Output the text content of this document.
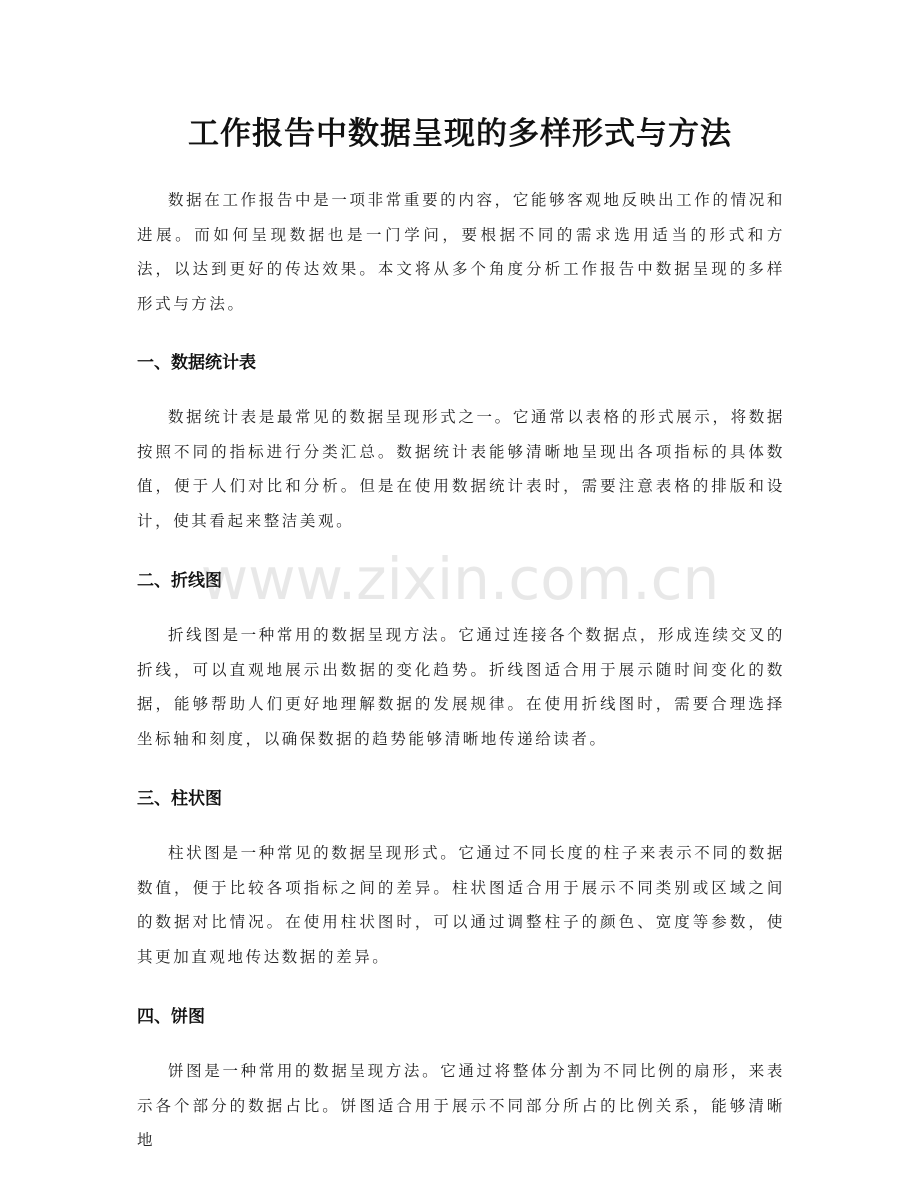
工作报告中数据呈现的多样形式与方法

数据在工作报告中是一项非常重要的内容，它能够客观地反映出工作的情况和进展。而如何呈现数据也是一门学问，要根据不同的需求选用适当的形式和方法，以达到更好的传达效果。本文将从多个角度分析工作报告中数据呈现的多样形式与方法。

一、数据统计表

数据统计表是最常见的数据呈现形式之一。它通常以表格的形式展示，将数据按照不同的指标进行分类汇总。数据统计表能够清晰地呈现出各项指标的具体数值，便于人们对比和分析。但是在使用数据统计表时，需要注意表格的排版和设计，使其看起来整洁美观。

二、折线图

折线图是一种常用的数据呈现方法。它通过连接各个数据点，形成连续交叉的折线，可以直观地展示出数据的变化趋势。折线图适合用于展示随时间变化的数据，能够帮助人们更好地理解数据的发展规律。在使用折线图时，需要合理选择坐标轴和刻度，以确保数据的趋势能够清晰地传递给读者。

三、柱状图

柱状图是一种常见的数据呈现形式。它通过不同长度的柱子来表示不同的数据数值，便于比较各项指标之间的差异。柱状图适合用于展示不同类别或区域之间的数据对比情况。在使用柱状图时，可以通过调整柱子的颜色、宽度等参数，使其更加直观地传达数据的差异。

四、饼图

饼图是一种常用的数据呈现方法。它通过将整体分割为不同比例的扇形，来表示各个部分的数据占比。饼图适合用于展示不同部分所占的比例关系，能够清晰地

www.zixin.com.cn
